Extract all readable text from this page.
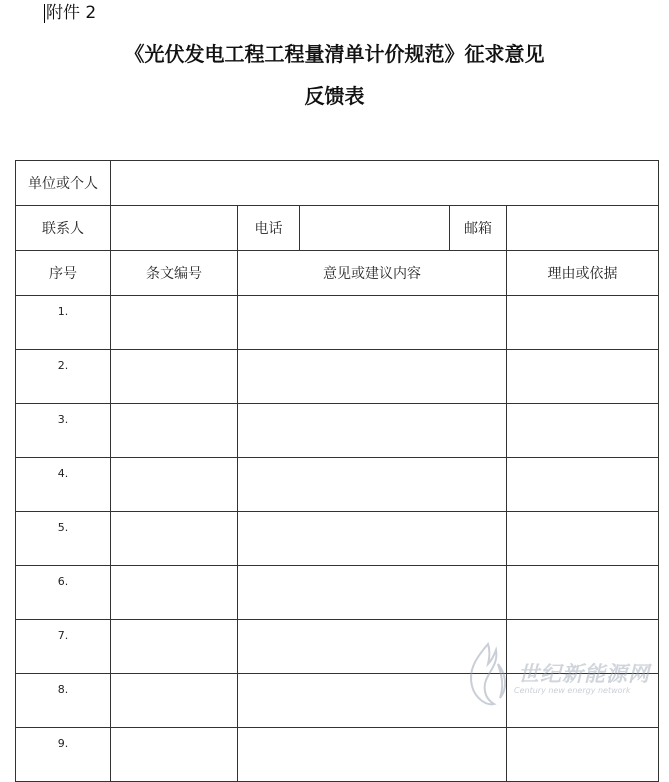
附件 2
《光伏发电工程工程量清单计价规范》征求意见
反馈表
单位或个人					
联系人		电话		邮箱	
序号	条文编号	意见或建议内容			理由或依据
1.					
2.					
3.					
4.					
5.					
6.					
7.					
8.					
9.					
世纪新能源网
Century new energy network
